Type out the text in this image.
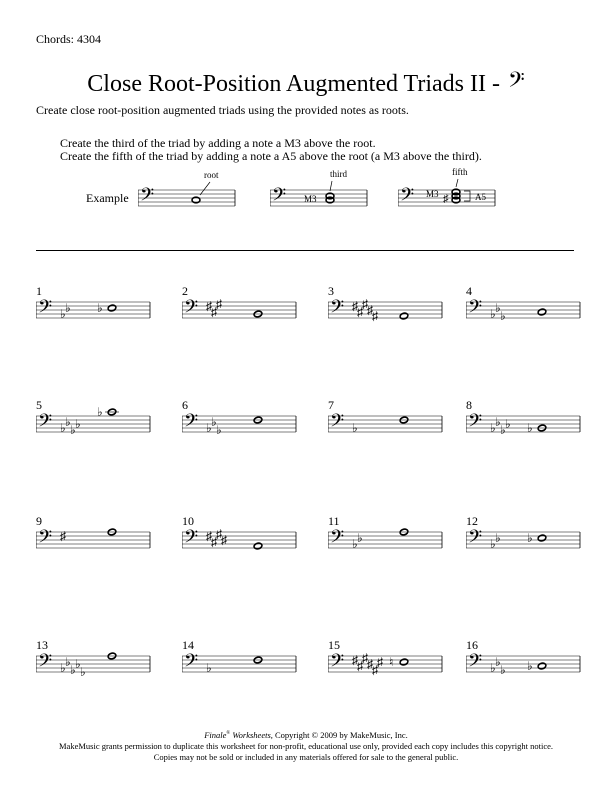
Chords: 4304
Close Root-Position Augmented Triads II - 𝄢
Create close root-position augmented triads using the provided notes as roots.
Create the third of the triad by adding a note a M3 above the root.
Create the fifth of the triad by adding a note a A5 above the root (a M3 above the third).
Example 𝄢
root
𝄢 M3
third
𝄢 M3 ♯	A5
fifth
1
𝄢 ♭ ♭ ♭
2
𝄢 ♯ ♯
♯
3
𝄢 ♯ ♯
♯ ♯ ♯
4
𝄢 ♭ ♭
♭
5
𝄢 ♭ ♭
♭ ♭
♭	6
𝄢 ♭ ♭
♭
7
𝄢 ♭
8
𝄢 ♭ ♭
♭ ♭ ♭
9
𝄢 ♯
10
𝄢 ♯ ♯
♯ ♯
11
𝄢 ♭ ♭
12
𝄢 ♭ ♭ ♭
13
𝄢 ♭ ♭
♭ ♭
♭
14
𝄢 ♭
15
𝄢 ♯ ♯
♯ ♯ ♯
♯ ♮
16
𝄢 ♭ ♭
♭ ♭
Finale® Worksheets, Copyright © 2009 by MakeMusic, Inc.
MakeMusic grants permission to duplicate this worksheet for non-profit, educational use only, provided each copy includes this copyright notice.
Copies may not be sold or included in any materials offered for sale to the general public.
